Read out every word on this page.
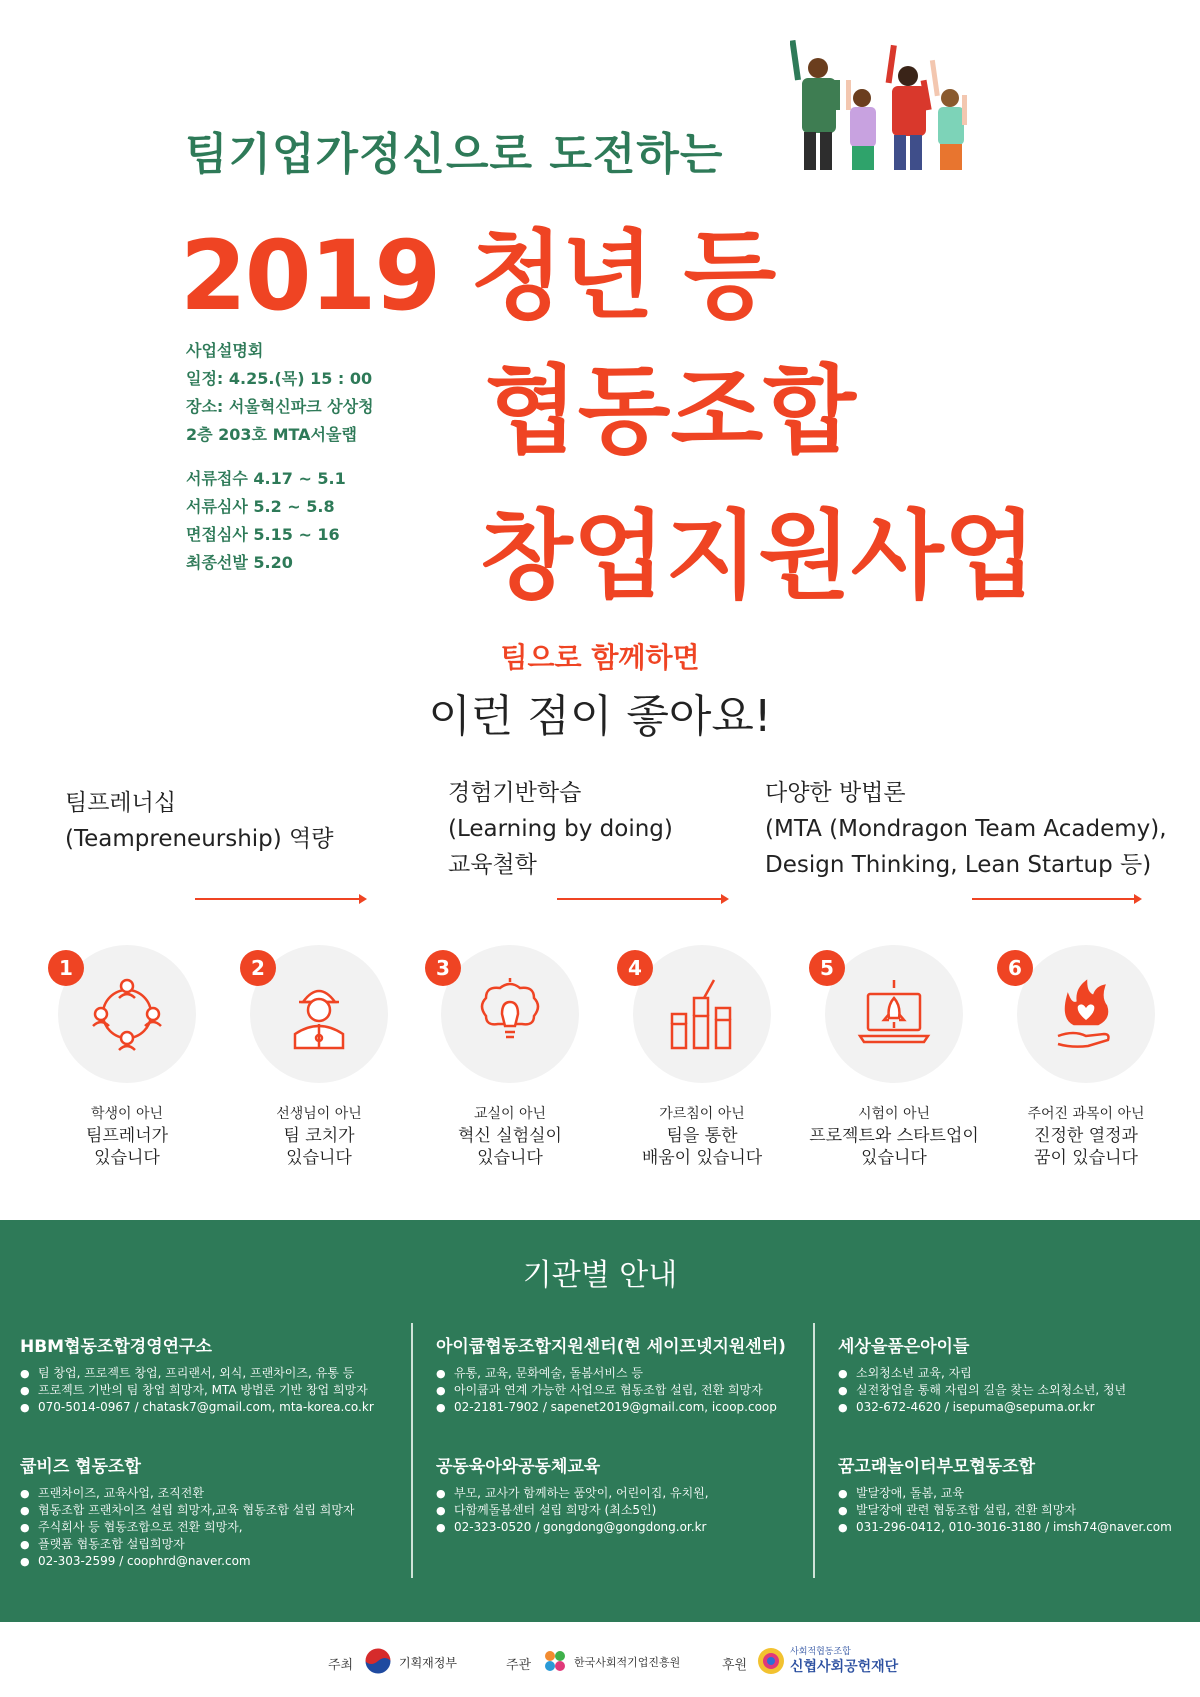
팀기업가정신으로 도전하는
2019 청년 등
협동조합
창업지원사업
사업설명회
일정: 4.25.(목) 15 : 00
장소: 서울혁신파크 상상청
2층 203호 MTA서울랩
서류접수 4.17 ~ 5.1
서류심사 5.2 ~ 5.8
면접심사 5.15 ~ 16
최종선발 5.20
팀으로 함께하면
이런 점이 좋아요!
팀프레너십
(Teampreneurship) 역량
경험기반학습
(Learning by doing)
교육철학
다양한 방법론
(MTA (Mondragon Team Academy),
Design Thinking, Lean Startup 등)
1
학생이 아닌
팀프레너가
있습니다
2
선생님이 아닌
팀 코치가
있습니다
3
교실이 아닌
혁신 실험실이
있습니다
4
가르침이 아닌
팀을 통한
배움이 있습니다
5
시험이 아닌
프로젝트와 스타트업이
있습니다
6
주어진 과목이 아닌
진정한 열정과
꿈이 있습니다
기관별 안내
HBM협동조합경영연구소
● 팀 창업, 프로젝트 창업, 프리랜서, 외식, 프랜차이즈, 유통 등
● 프로젝트 기반의 팀 창업 희망자, MTA 방법론 기반 창업 희망자
● 070-5014-0967 / chatask7@gmail.com, mta-korea.co.kr
아이쿱협동조합지원센터(현 세이프넷지원센터)
● 유통, 교육, 문화예술, 돌봄서비스 등
● 아이쿱과 연계 가능한 사업으로 협동조합 설립, 전환 희망자
● 02-2181-7902 / sapenet2019@gmail.com, icoop.coop
세상을품은아이들
● 소외청소년 교육, 자립
● 실전창업을 통해 자립의 길을 찾는 소외청소년, 청년
● 032-672-4620 / isepuma@sepuma.or.kr
쿱비즈 협동조합
● 프랜차이즈, 교육사업, 조직전환
● 협동조합 프랜차이즈 설립 희망자,교육 협동조합 설립 희망자
● 주식회사 등 협동조합으로 전환 희망자,
● 플랫폼 협동조합 설립희망자
● 02-303-2599 / coophrd@naver.com
공동육아와공동체교육
● 부모, 교사가 함께하는 품앗이, 어린이집, 유치원,
● 다함께돌봄센터 설립 희망자 (최소5인)
● 02-323-0520 / gongdong@gongdong.or.kr
꿈고래놀이터부모협동조합
● 발달장애, 돌봄, 교육
● 발달장애 관련 협동조합 설립, 전환 희망자
● 031-296-0412, 010-3016-3180 / imsh74@naver.com
주최	기획재정부	주관	한국사회적기업진흥원	후원
사회적협동조합
신협사회공헌재단
